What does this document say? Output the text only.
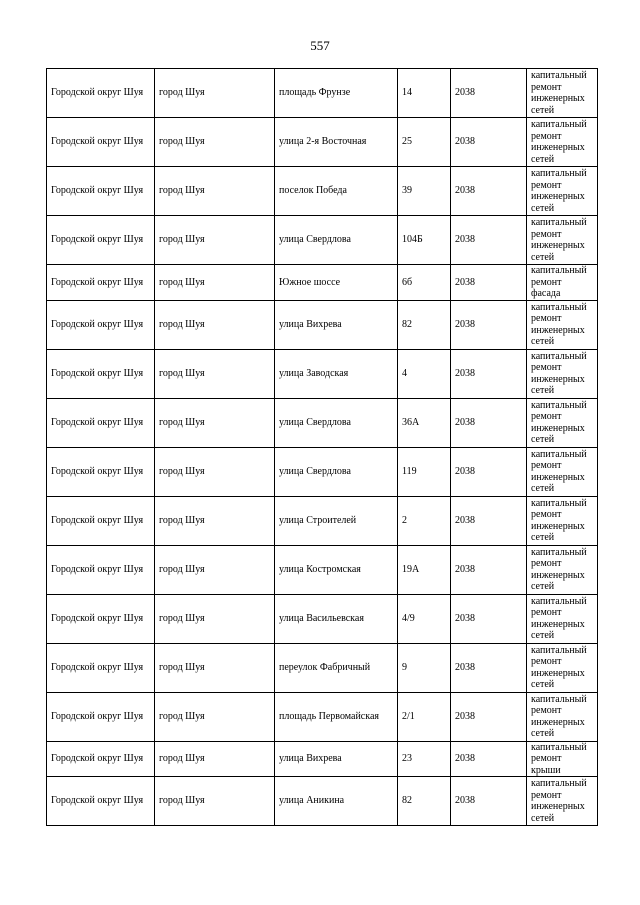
557
Городской округ Шуя	город Шуя	площадь Фрунзе	14	2038	капитальный ремонт инженерных сетей
Городской округ Шуя	город Шуя	улица 2-я Восточная	25	2038	капитальный ремонт инженерных сетей
Городской округ Шуя	город Шуя	поселок Победа	39	2038	капитальный ремонт инженерных сетей
Городской округ Шуя	город Шуя	улица Свердлова	104Б	2038	капитальный ремонт инженерных сетей
Городской округ Шуя	город Шуя	Южное шоссе	6б	2038	капитальный ремонт фасада
Городской округ Шуя	город Шуя	улица Вихрева	82	2038	капитальный ремонт инженерных сетей
Городской округ Шуя	город Шуя	улица Заводская	4	2038	капитальный ремонт инженерных сетей
Городской округ Шуя	город Шуя	улица Свердлова	36А	2038	капитальный ремонт инженерных сетей
Городской округ Шуя	город Шуя	улица Свердлова	119	2038	капитальный ремонт инженерных сетей
Городской округ Шуя	город Шуя	улица Строителей	2	2038	капитальный ремонт инженерных сетей
Городской округ Шуя	город Шуя	улица Костромская	19А	2038	капитальный ремонт инженерных сетей
Городской округ Шуя	город Шуя	улица Васильевская	4/9	2038	капитальный ремонт инженерных сетей
Городской округ Шуя	город Шуя	переулок Фабричный	9	2038	капитальный ремонт инженерных сетей
Городской округ Шуя	город Шуя	площадь Первомайская	2/1	2038	капитальный ремонт инженерных сетей
Городской округ Шуя	город Шуя	улица Вихрева	23	2038	капитальный ремонт крыши
Городской округ Шуя	город Шуя	улица Аникина	82	2038	капитальный ремонт инженерных сетей
